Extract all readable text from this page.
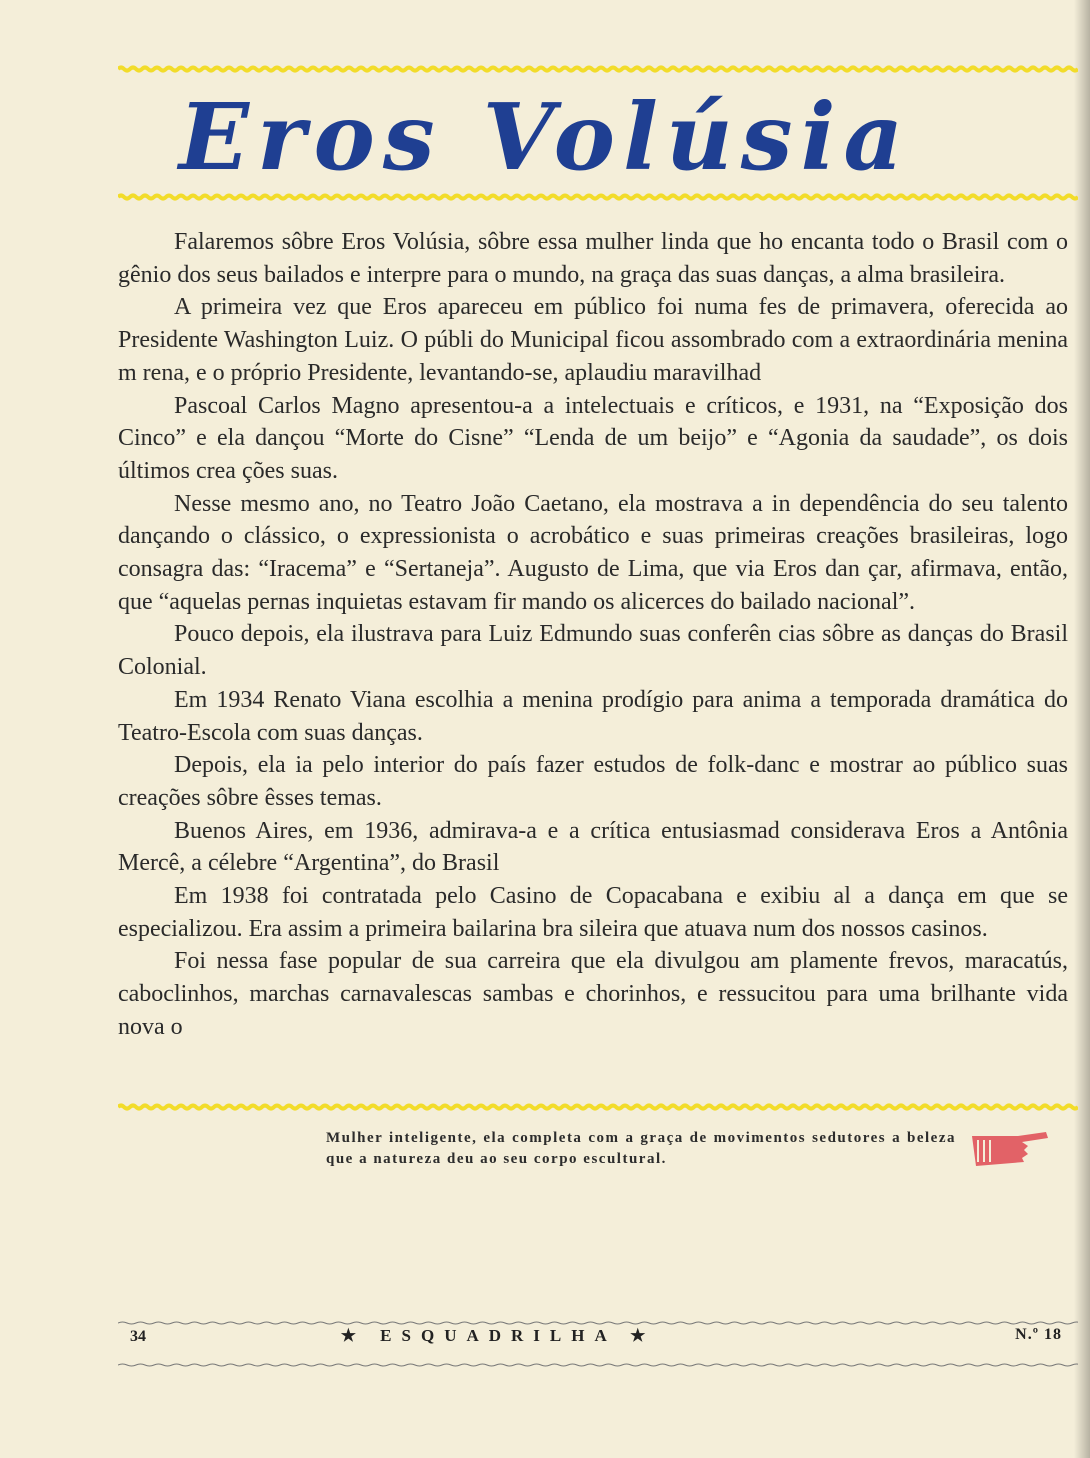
Eros Volúsia

Falaremos sôbre Eros Volúsia, sôbre essa mulher linda que ho encanta todo o Brasil com o gênio dos seus bailados e interpre para o mundo, na graça das suas danças, a alma brasileira.

A primeira vez que Eros apareceu em público foi numa fes de primavera, oferecida ao Presidente Washington Luiz. O públi do Municipal ficou assombrado com a extraordinária menina m rena, e o próprio Presidente, levantando-se, aplaudiu maravilhad

Pascoal Carlos Magno apresentou-a a intelectuais e críticos, e 1931, na “Exposição dos Cinco” e ela dançou “Morte do Cisne” “Lenda de um beijo” e “Agonia da saudade”, os dois últimos crea ções suas.

Nesse mesmo ano, no Teatro João Caetano, ela mostrava a in dependência do seu talento dançando o clássico, o expressionista o acrobático e suas primeiras creações brasileiras, logo consagra das: “Iracema” e “Sertaneja”. Augusto de Lima, que via Eros dan çar, afirmava, então, que “aquelas pernas inquietas estavam fir mando os alicerces do bailado nacional”.

Pouco depois, ela ilustrava para Luiz Edmundo suas conferên cias sôbre as danças do Brasil Colonial.

Em 1934 Renato Viana escolhia a menina prodígio para anima a temporada dramática do Teatro-Escola com suas danças.

Depois, ela ia pelo interior do país fazer estudos de folk-danc e mostrar ao público suas creações sôbre êsses temas.

Buenos Aires, em 1936, admirava-a e a crítica entusiasmad considerava Eros a Antônia Mercê, a célebre “Argentina”, do Brasil

Em 1938 foi contratada pelo Casino de Copacabana e exibiu al a dança em que se especializou. Era assim a primeira bailarina bra sileira que atuava num dos nossos casinos.

Foi nessa fase popular de sua carreira que ela divulgou am plamente frevos, maracatús, caboclinhos, marchas carnavalescas sambas e chorinhos, e ressucitou para uma brilhante vida nova o

Mulher inteligente, ela completa com a graça de movimentos sedutores a beleza que a natureza deu ao seu corpo escultural.
34	★ ESQUADRILHA ★	N.º 18
